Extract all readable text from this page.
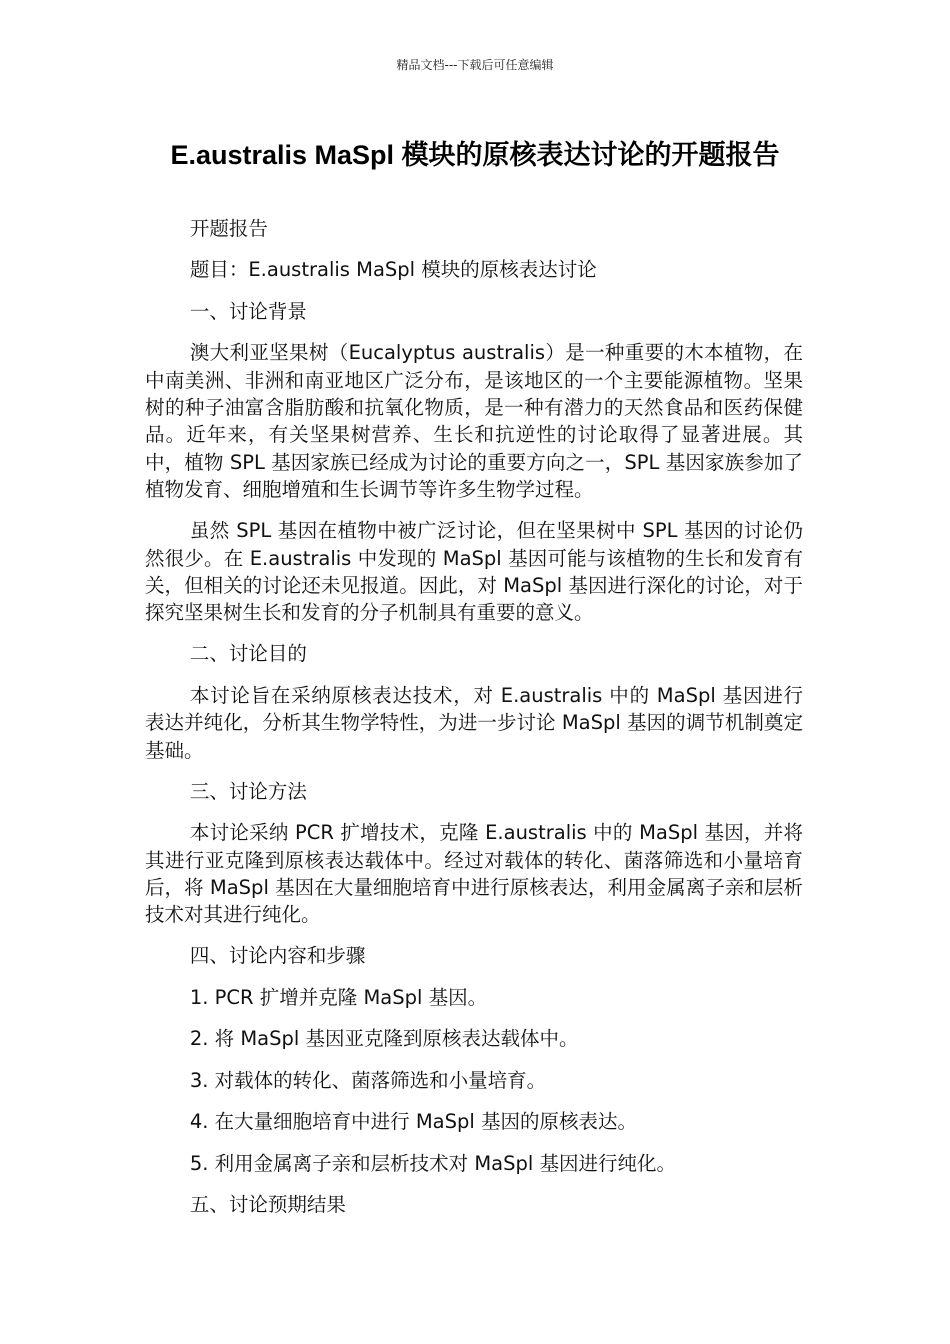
精品文档---下载后可任意编辑
E.australis MaSpl 模块的原核表达讨论的开题报告

开题报告

题目：E.australis MaSpl 模块的原核表达讨论

一、讨论背景

澳大利亚坚果树（Eucalyptus australis）是一种重要的木本植物，在中南美洲、非洲和南亚地区广泛分布，是该地区的一个主要能源植物。坚果树的种子油富含脂肪酸和抗氧化物质，是一种有潜力的天然食品和医药保健品。近年来，有关坚果树营养、生长和抗逆性的讨论取得了显著进展。其中，植物 SPL 基因家族已经成为讨论的重要方向之一，SPL 基因家族参加了植物发育、细胞增殖和生长调节等许多生物学过程。

虽然 SPL 基因在植物中被广泛讨论，但在坚果树中 SPL 基因的讨论仍然很少。在 E.australis 中发现的 MaSpl 基因可能与该植物的生长和发育有关，但相关的讨论还未见报道。因此，对 MaSpl 基因进行深化的讨论，对于探究坚果树生长和发育的分子机制具有重要的意义。

二、讨论目的

本讨论旨在采纳原核表达技术，对 E.australis 中的 MaSpl 基因进行表达并纯化，分析其生物学特性，为进一步讨论 MaSpl 基因的调节机制奠定基础。

三、讨论方法

本讨论采纳 PCR 扩增技术，克隆 E.australis 中的 MaSpl 基因，并将其进行亚克隆到原核表达载体中。经过对载体的转化、菌落筛选和小量培育后，将 MaSpl 基因在大量细胞培育中进行原核表达，利用金属离子亲和层析技术对其进行纯化。

四、讨论内容和步骤

1. PCR 扩增并克隆 MaSpl 基因。

2. 将 MaSpl 基因亚克隆到原核表达载体中。

3. 对载体的转化、菌落筛选和小量培育。

4. 在大量细胞培育中进行 MaSpl 基因的原核表达。

5. 利用金属离子亲和层析技术对 MaSpl 基因进行纯化。

五、讨论预期结果
